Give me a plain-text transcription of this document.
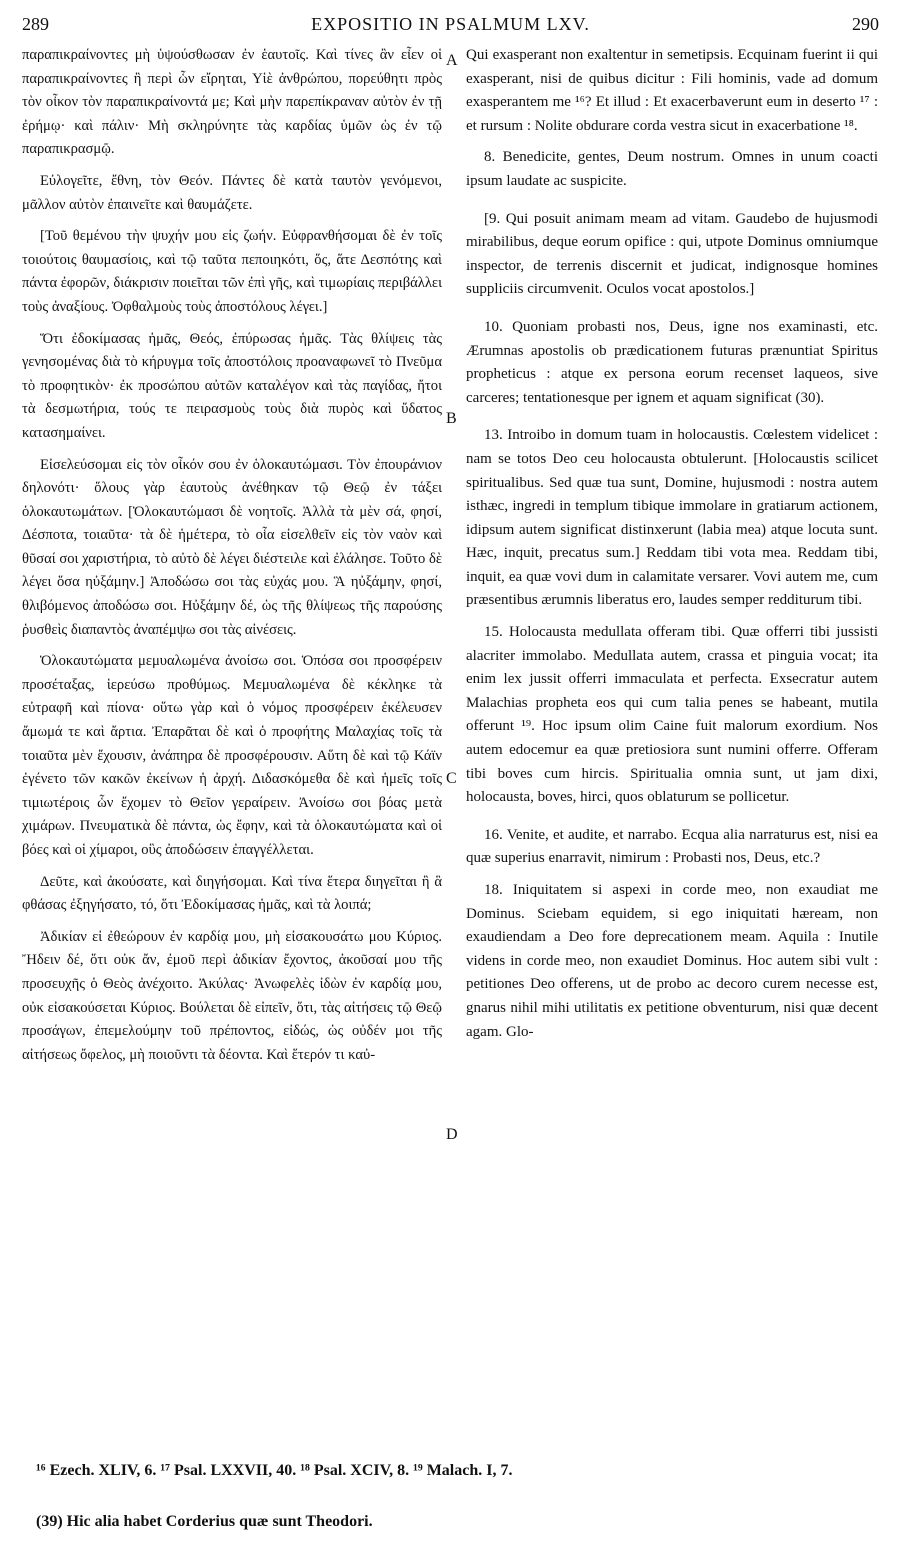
289	EXPOSITIO IN PSALMUM LXV.	290

παραπικραίνοντες μὴ ὑψούσθωσαν ἐν ἑαυτοῖς. Καὶ τίνες ἂν εἶεν οἱ παραπικραίνοντες ἢ περὶ ὧν εἴρηται, Υἱὲ ἀνθρώπου, πορεύθητι πρὸς τὸν οἶκον τὸν παραπικραίνοντά με; Καὶ μὴν παρεπίκραναν αὐτὸν ἐν τῇ ἐρήμῳ· καὶ πάλιν· Μὴ σκληρύνητε τὰς καρδίας ὑμῶν ὡς ἐν τῷ παραπικρασμῷ.

Εὐλογεῖτε, ἔθνη, τὸν Θεόν. Πάντες δὲ κατὰ ταυτὸν γενόμενοι, μᾶλλον αὐτὸν ἐπαινεῖτε καὶ θαυμάζετε.

[Τοῦ θεμένου τὴν ψυχήν μου εἰς ζωήν. Εὐφρανθήσομαι δὲ ἐν τοῖς τοιούτοις θαυμασίοις, καὶ τῷ ταῦτα πεποιηκότι, ὅς, ἅτε Δεσπότης καὶ πάντα ἐφορῶν, διάκρισιν ποιεῖται τῶν ἐπὶ γῆς, καὶ τιμωρίαις περιβάλλει τοὺς ἀναξίους. Ὀφθαλμοὺς τοὺς ἀποστόλους λέγει.]

Ὅτι ἐδοκίμασας ἡμᾶς, Θεός, ἐπύρωσας ἡμᾶς. Τὰς θλίψεις τὰς γενησομένας διὰ τὸ κήρυγμα τοῖς ἀποστόλοις προαναφωνεῖ τὸ Πνεῦμα τὸ προφητικὸν· ἐκ προσώπου αὐτῶν καταλέγον καὶ τὰς παγίδας, ἤτοι τὰ δεσμωτήρια, τούς τε πειρασμοὺς τοὺς διὰ πυρὸς καὶ ὕδατος κατασημαίνει.

Εἰσελεύσομαι εἰς τὸν οἶκόν σου ἐν ὁλοκαυτώμασι. Τὸν ἐπουράνιον δηλονότι· ὅλους γὰρ ἑαυτοὺς ἀνέθηκαν τῷ Θεῷ ἐν τάξει ὁλοκαυτωμάτων. [Ὁλοκαυτώμασι δὲ νοητοῖς. Ἀλλὰ τὰ μὲν σά, φησί, Δέσποτα, τοιαῦτα· τὰ δὲ ἡμέτερα, τὸ οἷα εἰσελθεῖν εἰς τὸν ναὸν καὶ θῦσαί σοι χαριστήρια, τὸ αὐτὸ δὲ λέγει διέστειλε καὶ ἐλάλησε. Τοῦτο δὲ λέγει ὅσα ηὐξάμην.] Ἀποδώσω σοι τὰς εὐχάς μου. Ἃ ηὐξάμην, φησί, θλιβόμενος ἀποδώσω σοι. Ηὐξάμην δέ, ὡς τῆς θλίψεως τῆς παρούσης ῥυσθεὶς διαπαντὸς ἀναπέμψω σοι τὰς αἰνέσεις.

Ὁλοκαυτώματα μεμυαλωμένα ἀνοίσω σοι. Ὁπόσα σοι προσφέρειν προσέταξας, ἱερεύσω προθύμως. Μεμυαλωμένα δὲ κέκληκε τὰ εὐτραφῆ καὶ πίονα· οὕτω γὰρ καὶ ὁ νόμος προσφέρειν ἐκέλευσεν ἄμωμά τε καὶ ἄρτια. Ἐπαρᾶται δὲ καὶ ὁ προφήτης Μαλαχίας τοῖς τὰ τοιαῦτα μὲν ἔχουσιν, ἀνάπηρα δὲ προσφέρουσιν. Αὕτη δὲ καὶ τῷ Κάϊν ἐγένετο τῶν κακῶν ἐκείνων ἡ ἀρχή. Διδασκόμεθα δὲ καὶ ἡμεῖς τοῖς τιμιωτέροις ὧν ἔχομεν τὸ Θεῖον γεραίρειν. Ἀνοίσω σοι βόας μετὰ χιμάρων. Πνευματικὰ δὲ πάντα, ὡς ἔφην, καὶ τὰ ὁλοκαυτώματα καὶ οἱ βόες καὶ οἱ χίμαροι, οὓς ἀποδώσειν ἐπαγγέλλεται.

Δεῦτε, καὶ ἀκούσατε, καὶ διηγήσομαι. Καὶ τίνα ἕτερα διηγεῖται ἢ ἃ φθάσας ἐξηγήσατο, τό, ὅτι Ἐδοκίμασας ἡμᾶς, καὶ τὰ λοιπά;

Ἀδικίαν εἰ ἐθεώρουν ἐν καρδίᾳ μου, μὴ εἰσακουσάτω μου Κύριος. Ἤδειν δέ, ὅτι οὐκ ἄν, ἐμοῦ περὶ ἀδικίαν ἔχοντος, ἀκοῦσαί μου τῆς προσευχῆς ὁ Θεὸς ἀνέχοιτο. Ἀκύλας· Ἀνωφελὲς ἰδὼν ἐν καρδίᾳ μου, οὐκ εἰσακούσεται Κύριος. Βούλεται δὲ εἰπεῖν, ὅτι, τὰς αἰτήσεις τῷ Θεῷ προσάγων, ἐπεμελούμην τοῦ πρέποντος, εἰδώς, ὡς οὐδέν μοι τῆς αἰτήσεως ὄφελος, μὴ ποιοῦντι τὰ δέοντα. Καὶ ἕτερόν τι καὐ-

A
B
C
D

Qui exasperant non exaltentur in semetipsis. Ecquinam fuerint ii qui exasperant, nisi de quibus dicitur : Fili hominis, vade ad domum exasperantem me ¹⁶? Et illud : Et exacerbaverunt eum in deserto ¹⁷ : et rursum : Nolite obdurare corda vestra sicut in exacerbatione ¹⁸.

8. Benedicite, gentes, Deum nostrum. Omnes in unum coacti ipsum laudate ac suspicite.

[9. Qui posuit animam meam ad vitam. Gaudebo de hujusmodi mirabilibus, deque eorum opifice : qui, utpote Dominus omniumque inspector, de terrenis discernit et judicat, indignosque homines suppliciis circumvenit. Oculos vocat apostolos.]

10. Quoniam probasti nos, Deus, igne nos examinasti, etc. Ærumnas apostolis ob prædicationem futuras prænuntiat Spiritus propheticus : atque ex persona eorum recenset laqueos, sive carceres; tentationesque per ignem et aquam significat (30).

13. Introibo in domum tuam in holocaustis. Cœlestem videlicet : nam se totos Deo ceu holocausta obtulerunt. [Holocaustis scilicet spiritualibus. Sed quæ tua sunt, Domine, hujusmodi : nostra autem isthæc, ingredi in templum tibique immolare in gratiarum actionem, idipsum autem significat distinxerunt (labia mea) atque locuta sunt. Hæc, inquit, precatus sum.] Reddam tibi vota mea. Reddam tibi, inquit, ea quæ vovi dum in calamitate versarer. Vovi autem me, cum præsentibus ærumnis liberatus ero, laudes semper redditurum tibi.

15. Holocausta medullata offeram tibi. Quæ offerri tibi jussisti alacriter immolabo. Medullata autem, crassa et pinguia vocat; ita enim lex jussit offerri immaculata et perfecta. Exsecratur autem Malachias propheta eos qui cum talia penes se habeant, mutila offerunt ¹⁹. Hoc ipsum olim Caine fuit malorum exordium. Nos autem edocemur ea quæ pretiosiora sunt numini offerre. Offeram tibi boves cum hircis. Spiritualia omnia sunt, ut jam dixi, holocausta, boves, hirci, quos oblaturum se pollicetur.

16. Venite, et audite, et narrabo. Ecqua alia narraturus est, nisi ea quæ superius enarravit, nimirum : Probasti nos, Deus, etc.?

18. Iniquitatem si aspexi in corde meo, non exaudiat me Dominus. Sciebam equidem, si ego iniquitati hæream, non exaudiendam a Deo fore deprecationem meam. Aquila : Inutile videns in corde meo, non exaudiet Dominus. Hoc autem sibi vult : petitiones Deo offerens, ut de probo ac decoro curem necesse est, gnarus nihil mihi utilitatis ex petitione obventurum, nisi quæ decent agam. Glo-

¹⁶ Ezech. XLIV, 6. ¹⁷ Psal. LXXVII, 40. ¹⁸ Psal. XCIV, 8. ¹⁹ Malach. I, 7.
(39) Hic alia habet Corderius quæ sunt Theodori.
